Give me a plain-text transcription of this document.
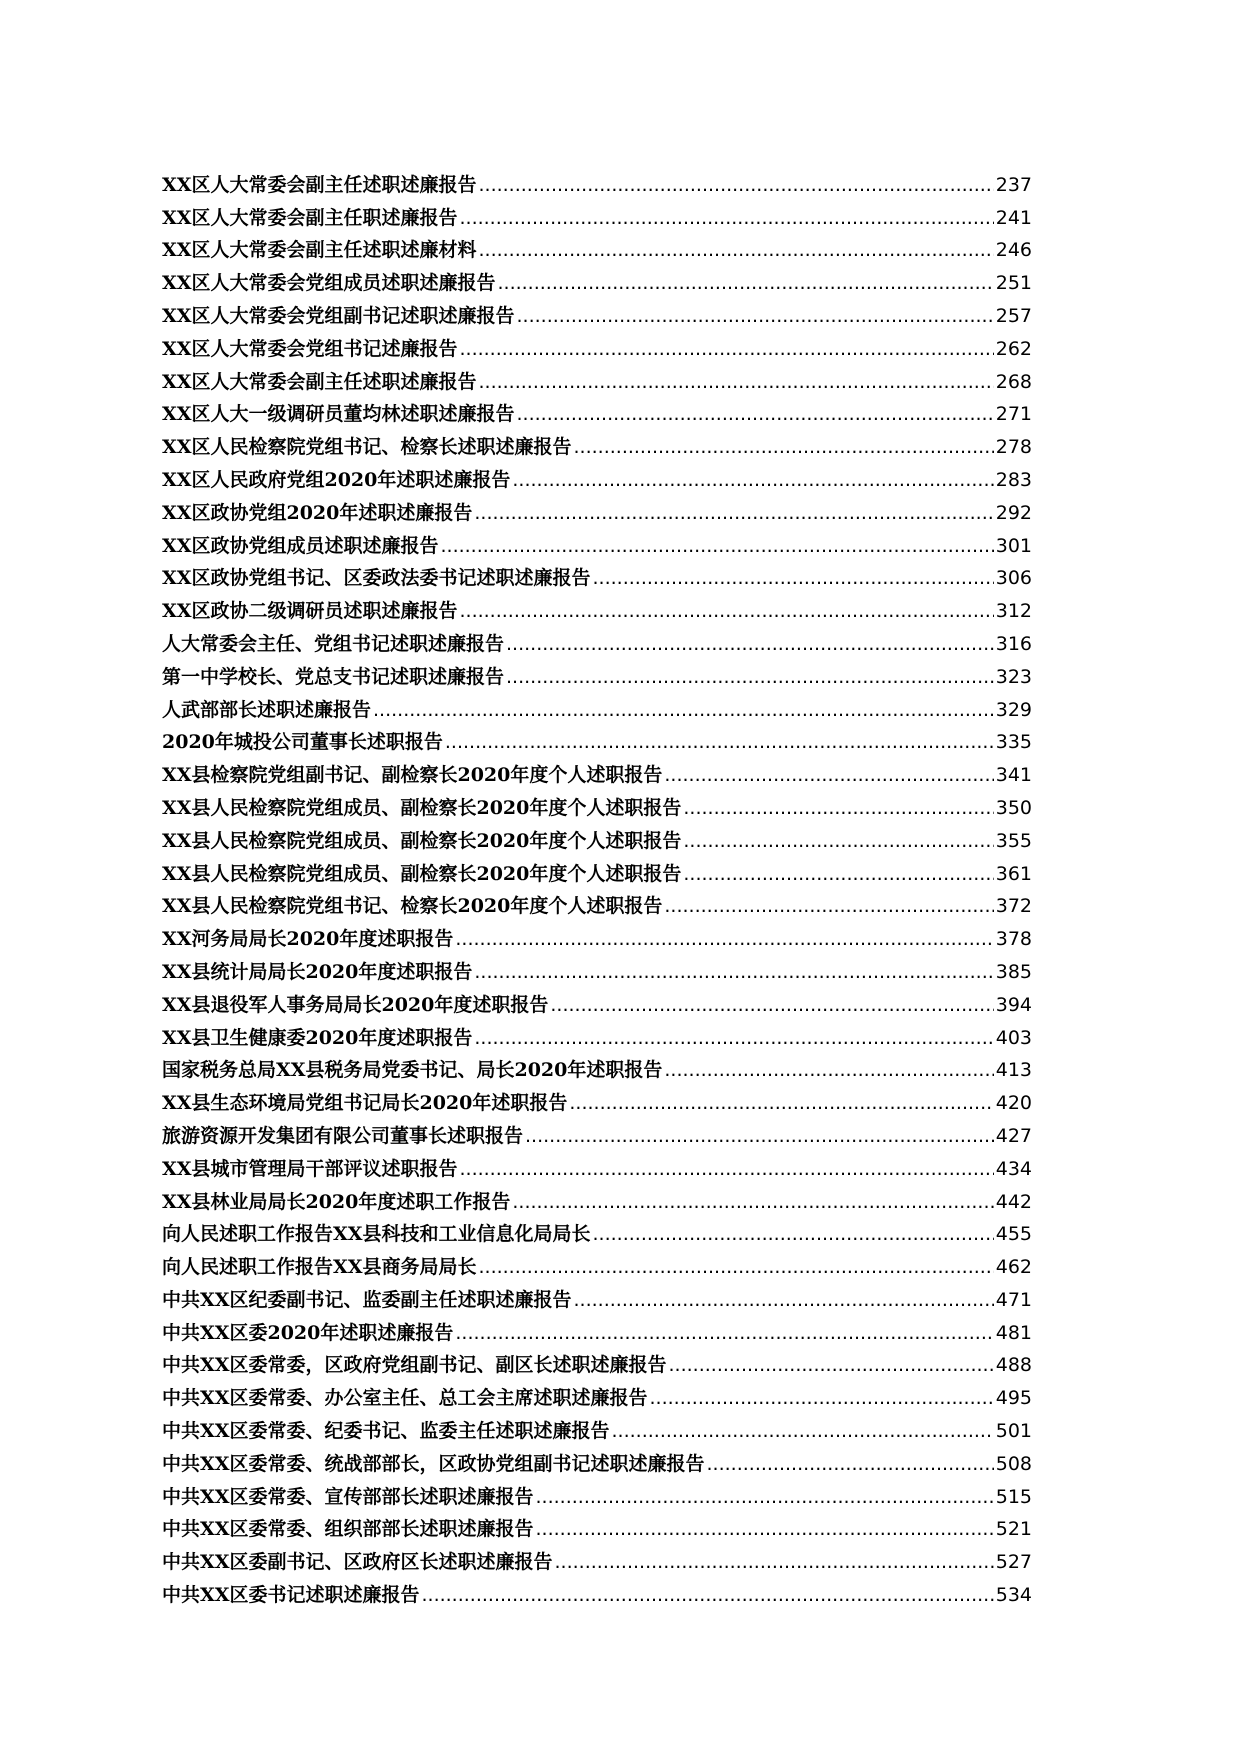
XX区人大常委会副主任述职述廉报告 .....	237
XX区人大常委会副主任职述廉报告 .....	241
XX区人大常委会副主任述职述廉材料 .....	246
XX区人大常委会党组成员述职述廉报告 .....	251
XX区人大常委会党组副书记述职述廉报告 .....	257
XX区人大常委会党组书记述廉报告 .....	262
XX区人大常委会副主任述职述廉报告 .....	268
XX区人大一级调研员董均林述职述廉报告 .....	271
XX区人民检察院党组书记、检察长述职述廉报告 .....	278
XX区人民政府党组2020年述职述廉报告 .....	283
XX区政协党组2020年述职述廉报告 .....	292
XX区政协党组成员述职述廉报告 .....	301
XX区政协党组书记、区委政法委书记述职述廉报告 .....	306
XX区政协二级调研员述职述廉报告 .....	312
人大常委会主任、党组书记述职述廉报告 .....	316
第一中学校长、党总支书记述职述廉报告 .....	323
人武部部长述职述廉报告 .....	329
2020年城投公司董事长述职报告 .....	335
XX县检察院党组副书记、副检察长2020年度个人述职报告 .....	341
XX县人民检察院党组成员、副检察长2020年度个人述职报告 .....	350
XX县人民检察院党组成员、副检察长2020年度个人述职报告 .....	355
XX县人民检察院党组成员、副检察长2020年度个人述职报告 .....	361
XX县人民检察院党组书记、检察长2020年度个人述职报告 .....	372
XX河务局局长2020年度述职报告 .....	378
XX县统计局局长2020年度述职报告 .....	385
XX县退役军人事务局局长2020年度述职报告 .....	394
XX县卫生健康委2020年度述职报告 .....	403
国家税务总局XX县税务局党委书记、局长2020年述职报告 .....	413
XX县生态环境局党组书记局长2020年述职报告 .....	420
旅游资源开发集团有限公司董事长述职报告 .....	427
XX县城市管理局干部评议述职报告 .....	434
XX县林业局局长2020年度述职工作报告 .....	442
向人民述职工作报告XX县科技和工业信息化局局长 .....	455
向人民述职工作报告XX县商务局局长 .....	462
中共XX区纪委副书记、监委副主任述职述廉报告 .....	471
中共XX区委2020年述职述廉报告 .....	481
中共XX区委常委，区政府党组副书记、副区长述职述廉报告 .....	488
中共XX区委常委、办公室主任、总工会主席述职述廉报告 .....	495
中共XX区委常委、纪委书记、监委主任述职述廉报告 .....	501
中共XX区委常委、统战部部长，区政协党组副书记述职述廉报告 .....	508
中共XX区委常委、宣传部部长述职述廉报告 .....	515
中共XX区委常委、组织部部长述职述廉报告 .....	521
中共XX区委副书记、区政府区长述职述廉报告 .....	527
中共XX区委书记述职述廉报告 .....	534
